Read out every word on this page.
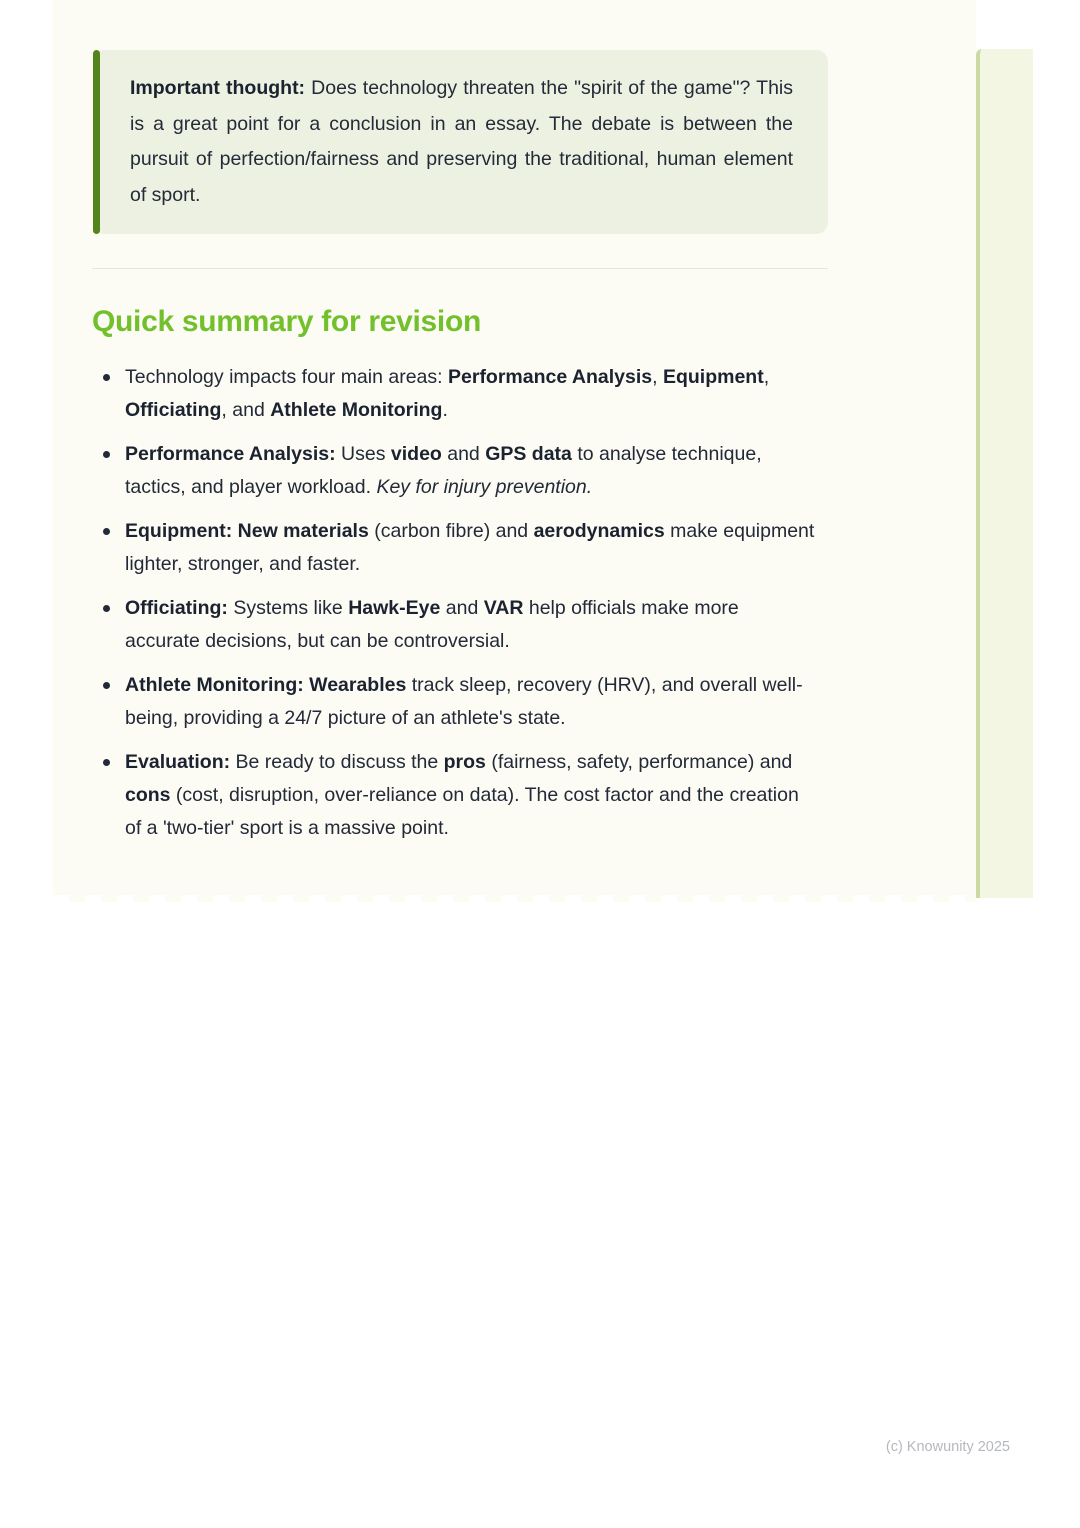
Important thought: Does technology threaten the "spirit of the game"? This is a great point for a conclusion in an essay. The debate is between the pursuit of perfection/fairness and preserving the traditional, human element of sport.

Quick summary for revision
Technology impacts four main areas: Performance Analysis, Equipment, Officiating, and Athlete Monitoring.
Performance Analysis: Uses video and GPS data to analyse technique, tactics, and player workload. Key for injury prevention.
Equipment: New materials (carbon fibre) and aerodynamics make equipment lighter, stronger, and faster.
Officiating: Systems like Hawk-Eye and VAR help officials make more accurate decisions, but can be controversial.
Athlete Monitoring: Wearables track sleep, recovery (HRV), and overall well-being, providing a 24/7 picture of an athlete's state.
Evaluation: Be ready to discuss the pros (fairness, safety, performance) and cons (cost, disruption, over-reliance on data). The cost factor and the creation of a 'two-tier' sport is a massive point.
(c) Knowunity 2025
